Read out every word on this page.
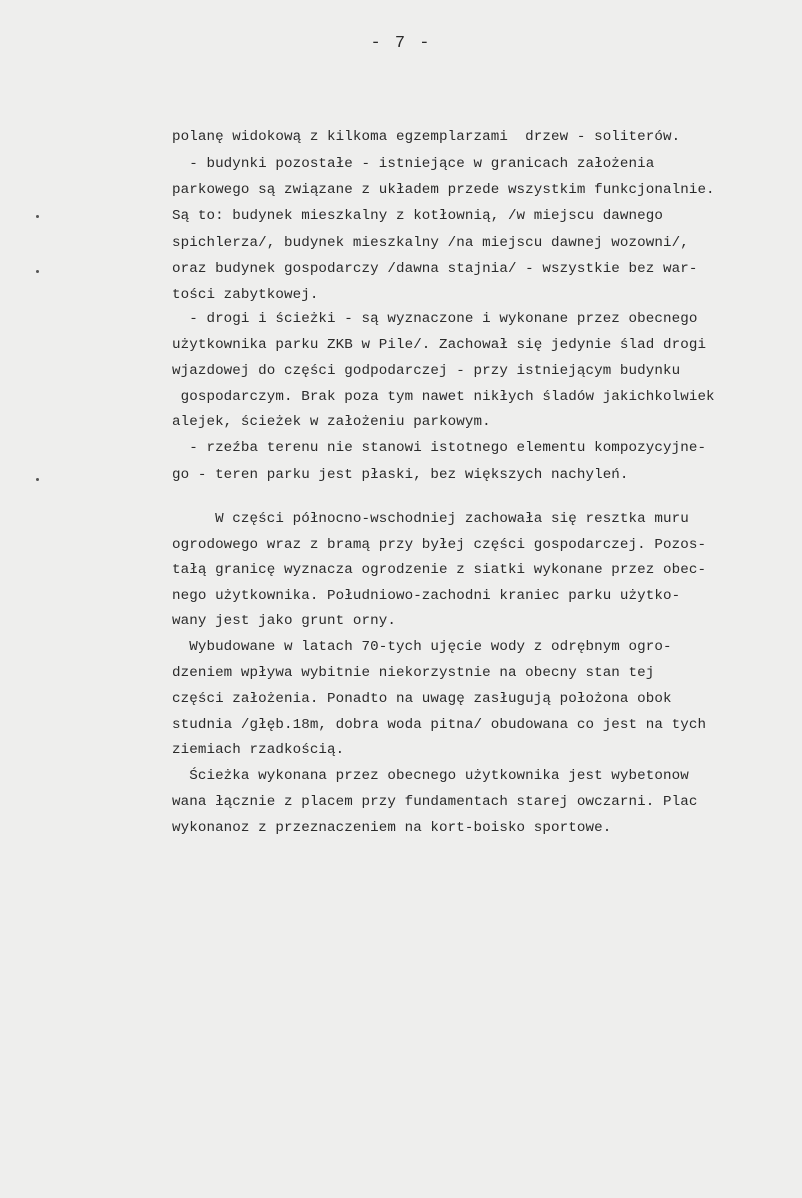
- 7 -
polanę widokową z kilkoma egzemplarzami  drzew - soliterów.
- budynki pozostałe - istniejące w granicach założenia
parkowego są związane z układem przede wszystkim funkcjonalnie.
Są to: budynek mieszkalny z kotłownią, /w miejscu dawnego
spichlerza/, budynek mieszkalny /na miejscu dawnej wozowni/,
oraz budynek gospodarczy /dawna stajnia/ - wszystkie bez war-
tości zabytkowej.
- drogi i ścieżki - są wyznaczone i wykonane przez obecnego
użytkownika parku ZKB w Pile/. Zachował się jedynie ślad drogi
wjazdowej do części godpodarczej - przy istniejącym budynku
gospodarczym. Brak poza tym nawet nikłych śladów jakichkolwiek
alejek, ścieżek w założeniu parkowym.
- rzeźba terenu nie stanowi istotnego elementu kompozycyjne-
go - teren parku jest płaski, bez większych nachyleń.
W części północno-wschodniej zachowała się resztka muru
ogrodowego wraz z bramą przy byłej części gospodarczej. Pozos-
tałą granicę wyznacza ogrodzenie z siatki wykonane przez obec-
nego użytkownika. Południowo-zachodni kraniec parku użytko-
wany jest jako grunt orny.
Wybudowane w latach 70-tych ujęcie wody z odrębnym ogro-
dzeniem wpływa wybitnie niekorzystnie na obecny stan tej
części założenia. Ponadto na uwagę zasługują położona obok
studnia /głęb.18m, dobra woda pitna/ obudowana co jest na tych
ziemiach rzadkością.
Ścieżka wykonana przez obecnego użytkownika jest wybetonow
wana łącznie z placem przy fundamentach starej owczarni. Plac
wykonanoz z przeznaczeniem na kort-boisko sportowe.
